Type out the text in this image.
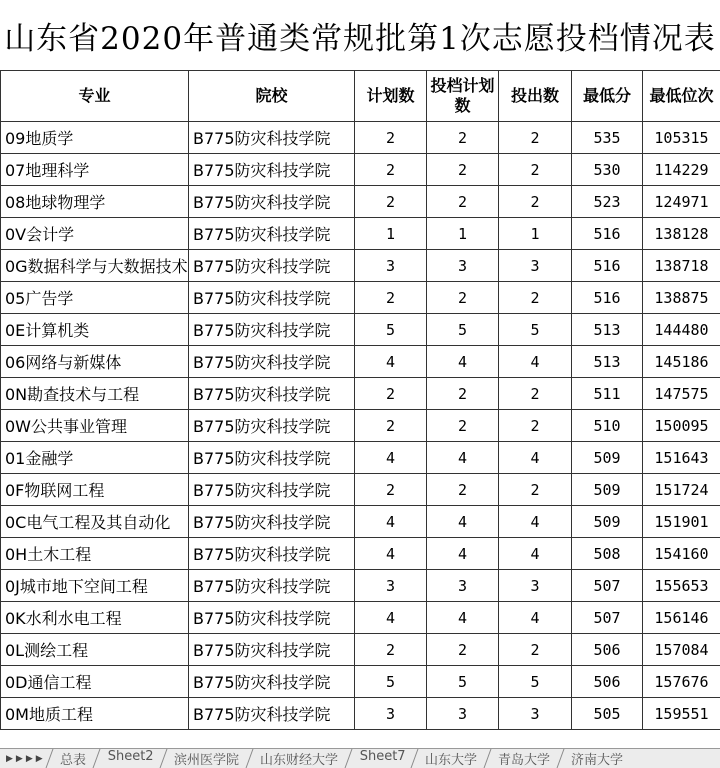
山东省2020年普通类常规批第1次志愿投档情况表
专业	院校	计划数	投档计划数	投出数	最低分	最低位次
09地质学	B775防灾科技学院	2	2	2	535	105315
07地理科学	B775防灾科技学院	2	2	2	530	114229
08地球物理学	B775防灾科技学院	2	2	2	523	124971
0V会计学	B775防灾科技学院	1	1	1	516	138128
0G数据科学与大数据技术	B775防灾科技学院	3	3	3	516	138718
05广告学	B775防灾科技学院	2	2	2	516	138875
0E计算机类	B775防灾科技学院	5	5	5	513	144480
06网络与新媒体	B775防灾科技学院	4	4	4	513	145186
0N勘查技术与工程	B775防灾科技学院	2	2	2	511	147575
0W公共事业管理	B775防灾科技学院	2	2	2	510	150095
01金融学	B775防灾科技学院	4	4	4	509	151643
0F物联网工程	B775防灾科技学院	2	2	2	509	151724
0C电气工程及其自动化	B775防灾科技学院	4	4	4	509	151901
0H土木工程	B775防灾科技学院	4	4	4	508	154160
0J城市地下空间工程	B775防灾科技学院	3	3	3	507	155653
0K水利水电工程	B775防灾科技学院	4	4	4	507	156146
0L测绘工程	B775防灾科技学院	2	2	2	506	157084
0D通信工程	B775防灾科技学院	5	5	5	506	157676
0M地质工程	B775防灾科技学院	3	3	3	505	159551
▶ ▶ ▶ ▶	总表	Sheet2	滨州医学院	山东财经大学	Sheet7	山东大学	青岛大学	济南大学
